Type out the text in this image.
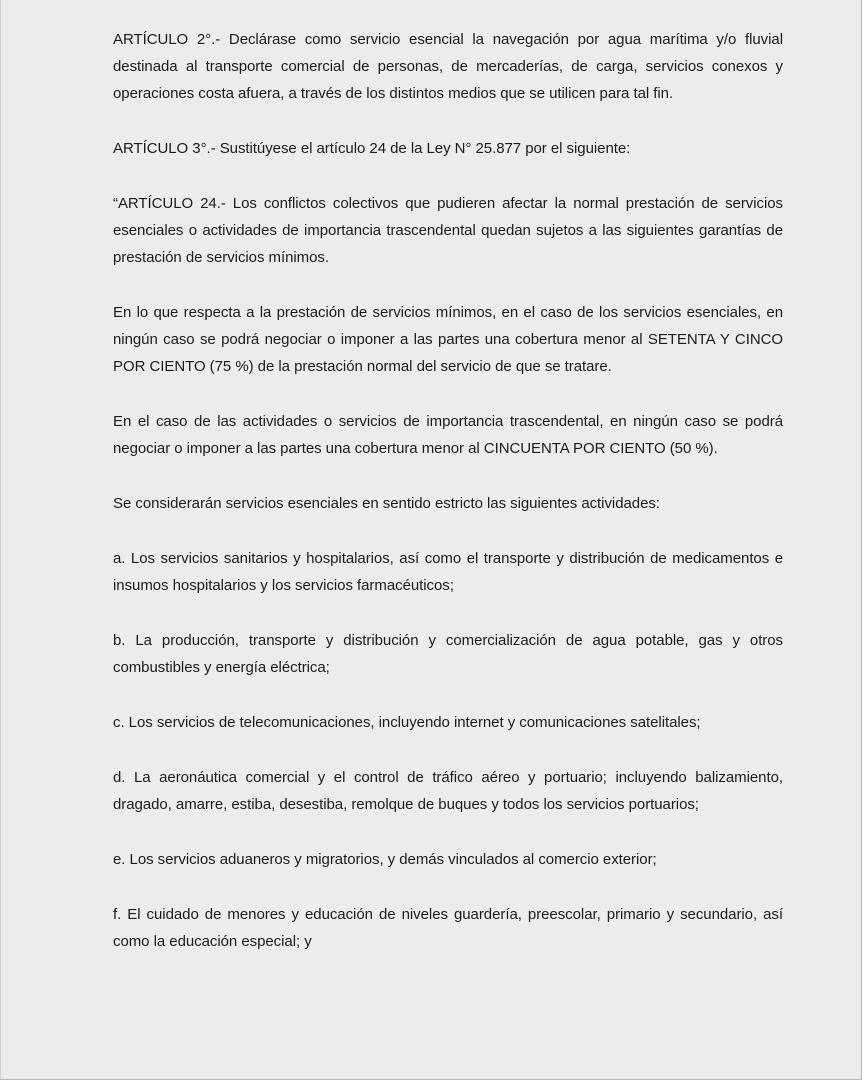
ARTÍCULO 2°.- Declárase como servicio esencial la navegación por agua marítima y/o fluvial destinada al transporte comercial de personas, de mercaderías, de carga, servicios conexos y operaciones costa afuera, a través de los distintos medios que se utilicen para tal fin.

ARTÍCULO 3°.- Sustitúyese el artículo 24 de la Ley N° 25.877 por el siguiente:

“ARTÍCULO 24.- Los conflictos colectivos que pudieren afectar la normal prestación de servicios esenciales o actividades de importancia trascendental quedan sujetos a las siguientes garantías de prestación de servicios mínimos.

En lo que respecta a la prestación de servicios mínimos, en el caso de los servicios esenciales, en ningún caso se podrá negociar o imponer a las partes una cobertura menor al SETENTA Y CINCO POR CIENTO (75 %) de la prestación normal del servicio de que se tratare.

En el caso de las actividades o servicios de importancia trascendental, en ningún caso se podrá negociar o imponer a las partes una cobertura menor al CINCUENTA POR CIENTO (50 %).

Se considerarán servicios esenciales en sentido estricto las siguientes actividades:

a. Los servicios sanitarios y hospitalarios, así como el transporte y distribución de medicamentos e insumos hospitalarios y los servicios farmacéuticos;

b. La producción, transporte y distribución y comercialización de agua potable, gas y otros combustibles y energía eléctrica;

c. Los servicios de telecomunicaciones, incluyendo internet y comunicaciones satelitales;

d. La aeronáutica comercial y el control de tráfico aéreo y portuario; incluyendo balizamiento, dragado, amarre, estiba, desestiba, remolque de buques y todos los servicios portuarios;

e. Los servicios aduaneros y migratorios, y demás vinculados al comercio exterior;

f. El cuidado de menores y educación de niveles guardería, preescolar, primario y secundario, así como la educación especial; y
